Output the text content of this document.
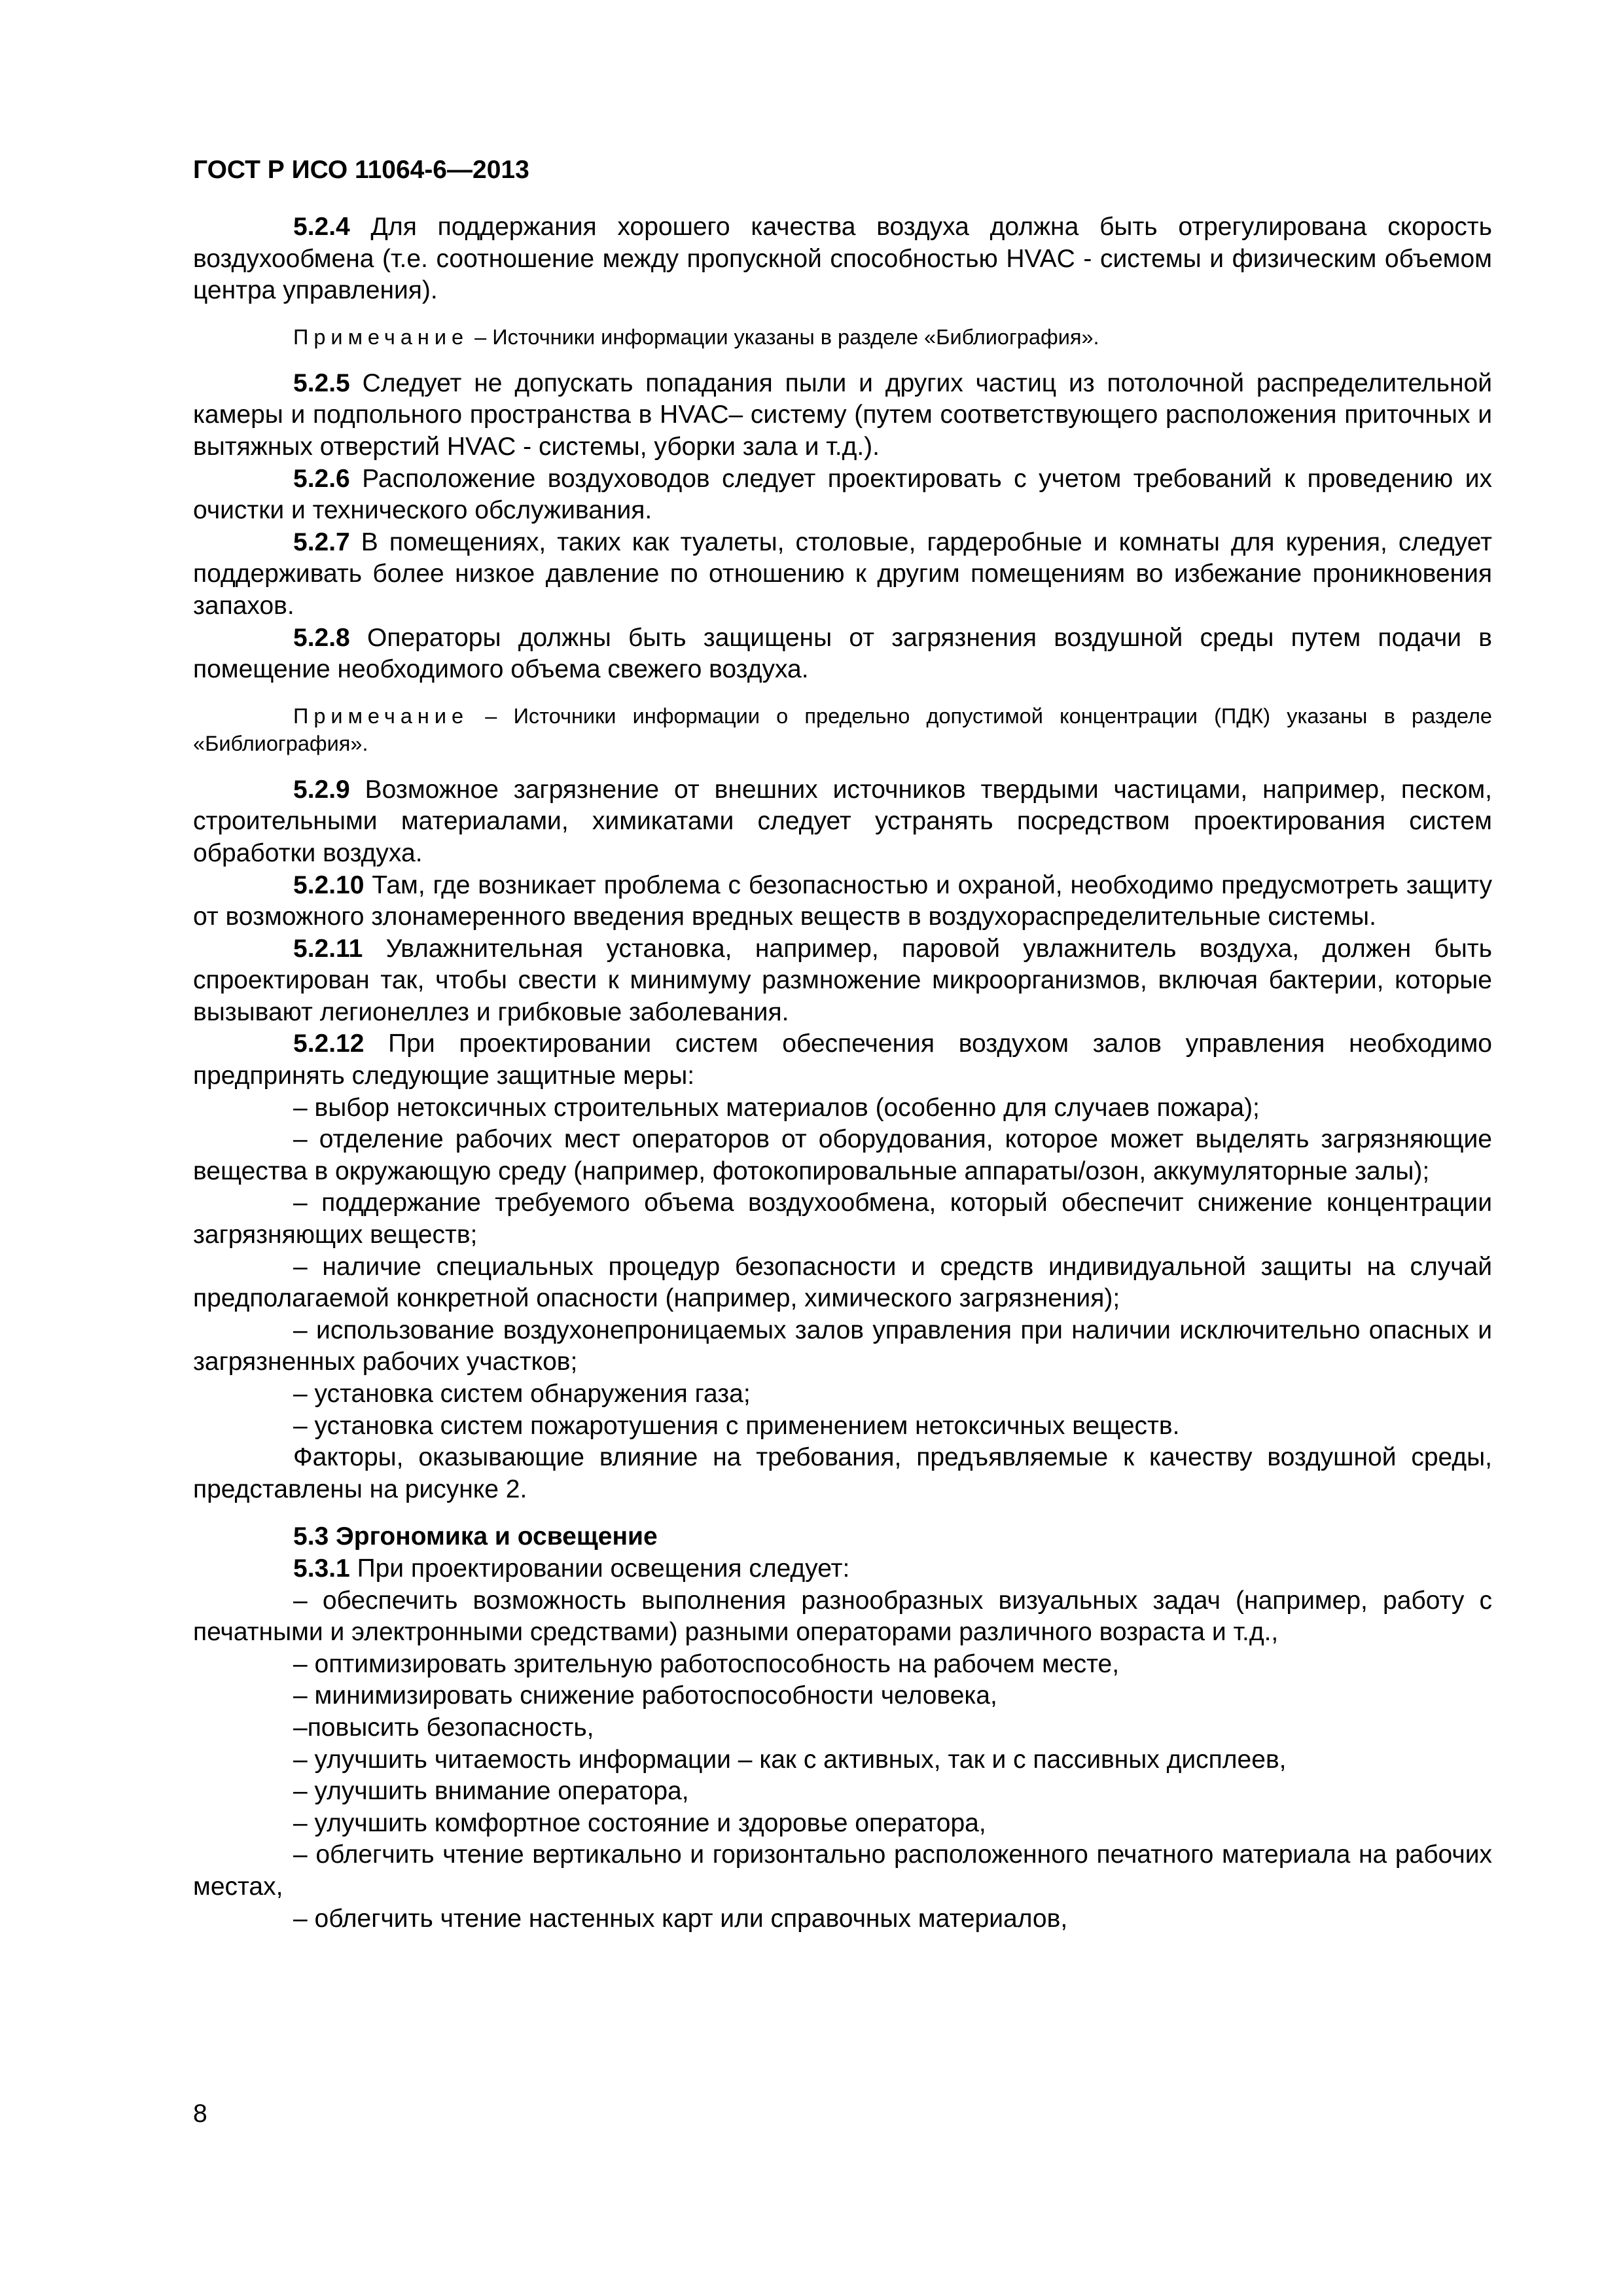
ГОСТ Р ИСО 11064-6—2013

5.2.4 Для поддержания хорошего качества воздуха должна быть отрегулирована скорость воздухообмена (т.е. соотношение между пропускной способностью HVAC - системы и физическим объемом центра управления).

Примечание – Источники информации указаны в разделе «Библиография».

5.2.5 Следует не допускать попадания пыли и других частиц из потолочной распределительной камеры и подпольного пространства в HVAC– систему (путем соответствующего расположения приточных и вытяжных отверстий HVAC - системы, уборки зала и т.д.).

5.2.6 Расположение воздуховодов следует проектировать с учетом требований к проведению их очистки и технического обслуживания.

5.2.7 В помещениях, таких как туалеты, столовые, гардеробные и комнаты для курения, следует поддерживать более низкое давление по отношению к другим помещениям во избежание проникновения запахов.

5.2.8 Операторы должны быть защищены от загрязнения воздушной среды путем подачи в помещение необходимого объема свежего воздуха.

Примечание – Источники информации о предельно допустимой концентрации (ПДК) указаны в разделе «Библиография».

5.2.9 Возможное загрязнение от внешних источников твердыми частицами, например, песком, строительными материалами, химикатами следует устранять посредством проектирования систем обработки воздуха.

5.2.10 Там, где возникает проблема с безопасностью и охраной, необходимо предусмотреть защиту от возможного злонамеренного введения вредных веществ в воздухораспределительные системы.

5.2.11 Увлажнительная установка, например, паровой увлажнитель воздуха, должен быть спроектирован так, чтобы свести к минимуму размножение микроорганизмов, включая бактерии, которые вызывают легионеллез и грибковые заболевания.

5.2.12 При проектировании систем обеспечения воздухом залов управления необходимо предпринять следующие защитные меры:

– выбор нетоксичных строительных материалов (особенно для случаев пожара);

– отделение рабочих мест операторов от оборудования, которое может выделять загрязняющие вещества в окружающую среду (например, фотокопировальные аппараты/озон, аккумуляторные залы);

– поддержание требуемого объема воздухообмена, который обеспечит снижение концентрации загрязняющих веществ;

– наличие специальных процедур безопасности и средств индивидуальной защиты на случай предполагаемой конкретной опасности (например, химического загрязнения);

– использование воздухонепроницаемых залов управления при наличии исключительно опасных и загрязненных рабочих участков;

– установка систем обнаружения газа;

– установка систем пожаротушения с применением нетоксичных веществ.

Факторы, оказывающие влияние на требования, предъявляемые к качеству воздушной среды, представлены на рисунке 2.

5.3 Эргономика и освещение

5.3.1 При проектировании освещения следует:

– обеспечить возможность выполнения разнообразных визуальных задач (например, работу с печатными и электронными средствами) разными операторами различного возраста и т.д.,

– оптимизировать зрительную работоспособность на рабочем месте,

– минимизировать снижение работоспособности человека,

–повысить безопасность,

– улучшить читаемость информации – как с активных, так и с пассивных дисплеев,

– улучшить внимание оператора,

– улучшить комфортное состояние и здоровье оператора,

– облегчить чтение вертикально и горизонтально расположенного печатного материала на рабочих местах,

– облегчить чтение настенных карт или справочных материалов,

8
